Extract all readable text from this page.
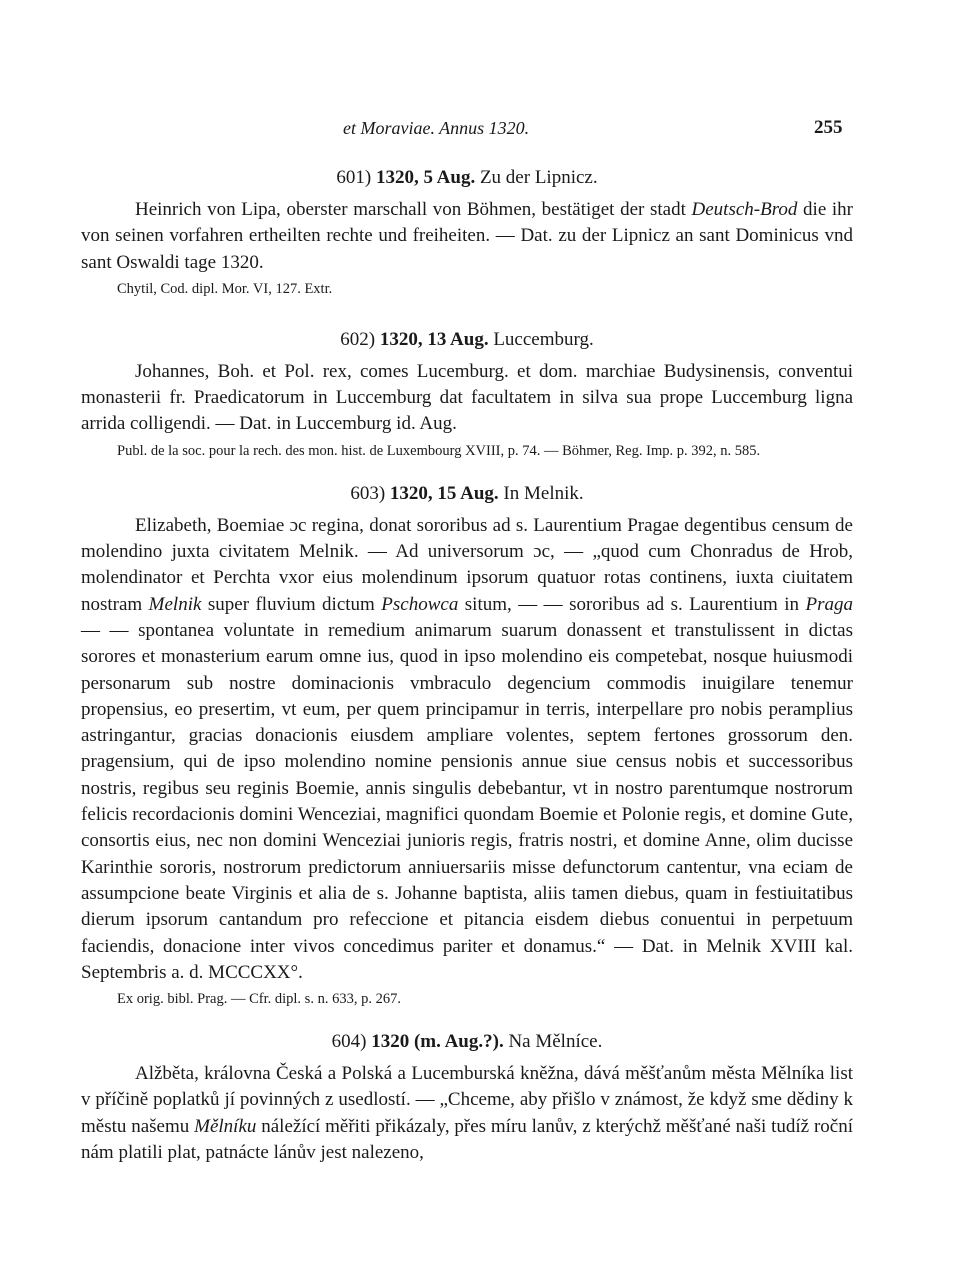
et Moraviae. Annus 1320.	255

601) 1320, 5 Aug. Zu der Lipnicz.

Heinrich von Lipa, oberster marschall von Böhmen, bestätiget der stadt Deutsch-Brod die ihr von seinen vorfahren ertheilten rechte und freiheiten. — Dat. zu der Lipnicz an sant Dominicus vnd sant Oswaldi tage 1320.

Chytil, Cod. dipl. Mor. VI, 127. Extr.

602) 1320, 13 Aug. Luccemburg.

Johannes, Boh. et Pol. rex, comes Lucemburg. et dom. marchiae Budysinensis, conventui monasterii fr. Praedicatorum in Luccemburg dat facultatem in silva sua prope Luccemburg ligna arrida colligendi. — Dat. in Luccemburg id. Aug.

Publ. de la soc. pour la rech. des mon. hist. de Luxembourg XVIII, p. 74. — Böhmer, Reg. Imp. p. 392, n. 585.

603) 1320, 15 Aug. In Melnik.

Elizabeth, Boemiae ɔc regina, donat sororibus ad s. Laurentium Pragae degentibus censum de molendino juxta civitatem Melnik. — Ad universorum ɔc, — „quod cum Chonradus de Hrob, molendinator et Perchta vxor eius molendinum ipsorum quatuor rotas continens, iuxta ciuitatem nostram Melnik super fluvium dictum Pschowca situm, — — sororibus ad s. Laurentium in Praga — — spontanea voluntate in remedium animarum suarum donassent et transtulissent in dictas sorores et monasterium earum omne ius, quod in ipso molendino eis competebat, nosque huiusmodi personarum sub nostre dominacionis vmbraculo degencium commodis inuigilare tenemur propensius, eo presertim, vt eum, per quem principamur in terris, interpellare pro nobis peramplius astringantur, gracias donacionis eiusdem ampliare volentes, septem fertones grossorum den. pragensium, qui de ipso molendino nomine pensionis annue siue census nobis et successoribus nostris, regibus seu reginis Boemie, annis singulis debebantur, vt in nostro parentumque nostrorum felicis recordacionis domini Wenceziai, magnifici quondam Boemie et Polonie regis, et domine Gute, consortis eius, nec non domini Wenceziai junioris regis, fratris nostri, et domine Anne, olim ducisse Karinthie sororis, nostrorum predictorum anniuersariis misse defunctorum cantentur, vna eciam de assumpcione beate Virginis et alia de s. Johanne baptista, aliis tamen diebus, quam in festiuitatibus dierum ipsorum cantandum pro refeccione et pitancia eisdem diebus conuentui in perpetuum faciendis, donacione inter vivos concedimus pariter et donamus.“ — Dat. in Melnik XVIII kal. Septembris a. d. MCCCXX°.

Ex orig. bibl. Prag. — Cfr. dipl. s. n. 633, p. 267.

604) 1320 (m. Aug.?). Na Mělníce.

Alžběta, královna Česká a Polská a Lucemburská kněžna, dává měšťanům města Mělníka list v příčině poplatků jí povinných z usedlostí. — „Chceme, aby přišlo v známost, že když sme dědiny k městu našemu Mělníku náležící měřiti přikázaly, přes míru lanův, z kterýchž měšťané naši tudíž roční nám platili plat, patnácte lánův jest nalezeno,
